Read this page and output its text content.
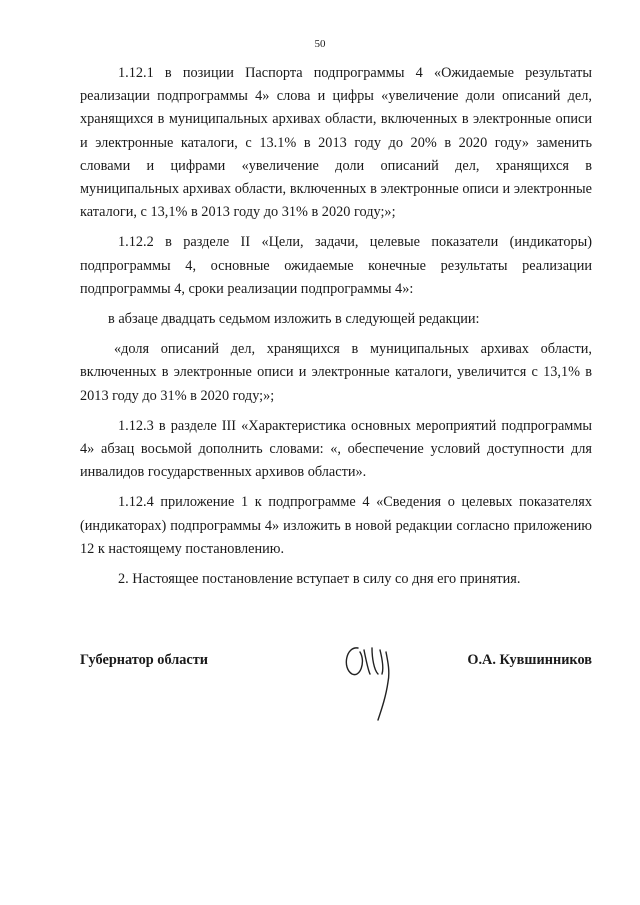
50

1.12.1 в позиции Паспорта подпрограммы 4 «Ожидаемые результаты реализации подпрограммы 4» слова и цифры «увеличение доли описаний дел, хранящихся в муниципальных архивах области, включенных в электронные описи и электронные каталоги, с 13.1% в 2013 году до 20% в 2020 году» заменить словами и цифрами «увеличение доли описаний дел, хранящихся в муниципальных архивах области, включенных в электронные описи и электронные каталоги, с 13,1% в 2013 году до 31% в 2020 году;»;

1.12.2 в разделе II «Цели, задачи, целевые показатели (индикаторы) подпрограммы 4, основные ожидаемые конечные результаты реализации подпрограммы 4, сроки реализации подпрограммы 4»:

в абзаце двадцать седьмом изложить в следующей редакции:

«доля описаний дел, хранящихся в муниципальных архивах области, включенных в электронные описи и электронные каталоги, увеличится с 13,1% в 2013 году до 31% в 2020 году;»;

1.12.3 в разделе III «Характеристика основных мероприятий подпрограммы 4» абзац восьмой дополнить словами: «, обеспечение условий доступности для инвалидов государственных архивов области».

1.12.4 приложение 1 к подпрограмме 4 «Сведения о целевых показателях (индикаторах) подпрограммы 4» изложить в новой редакции согласно приложению 12 к настоящему постановлению.

2. Настоящее постановление вступает в силу со дня его принятия.

Губернатор области	О.А. Кувшинников
